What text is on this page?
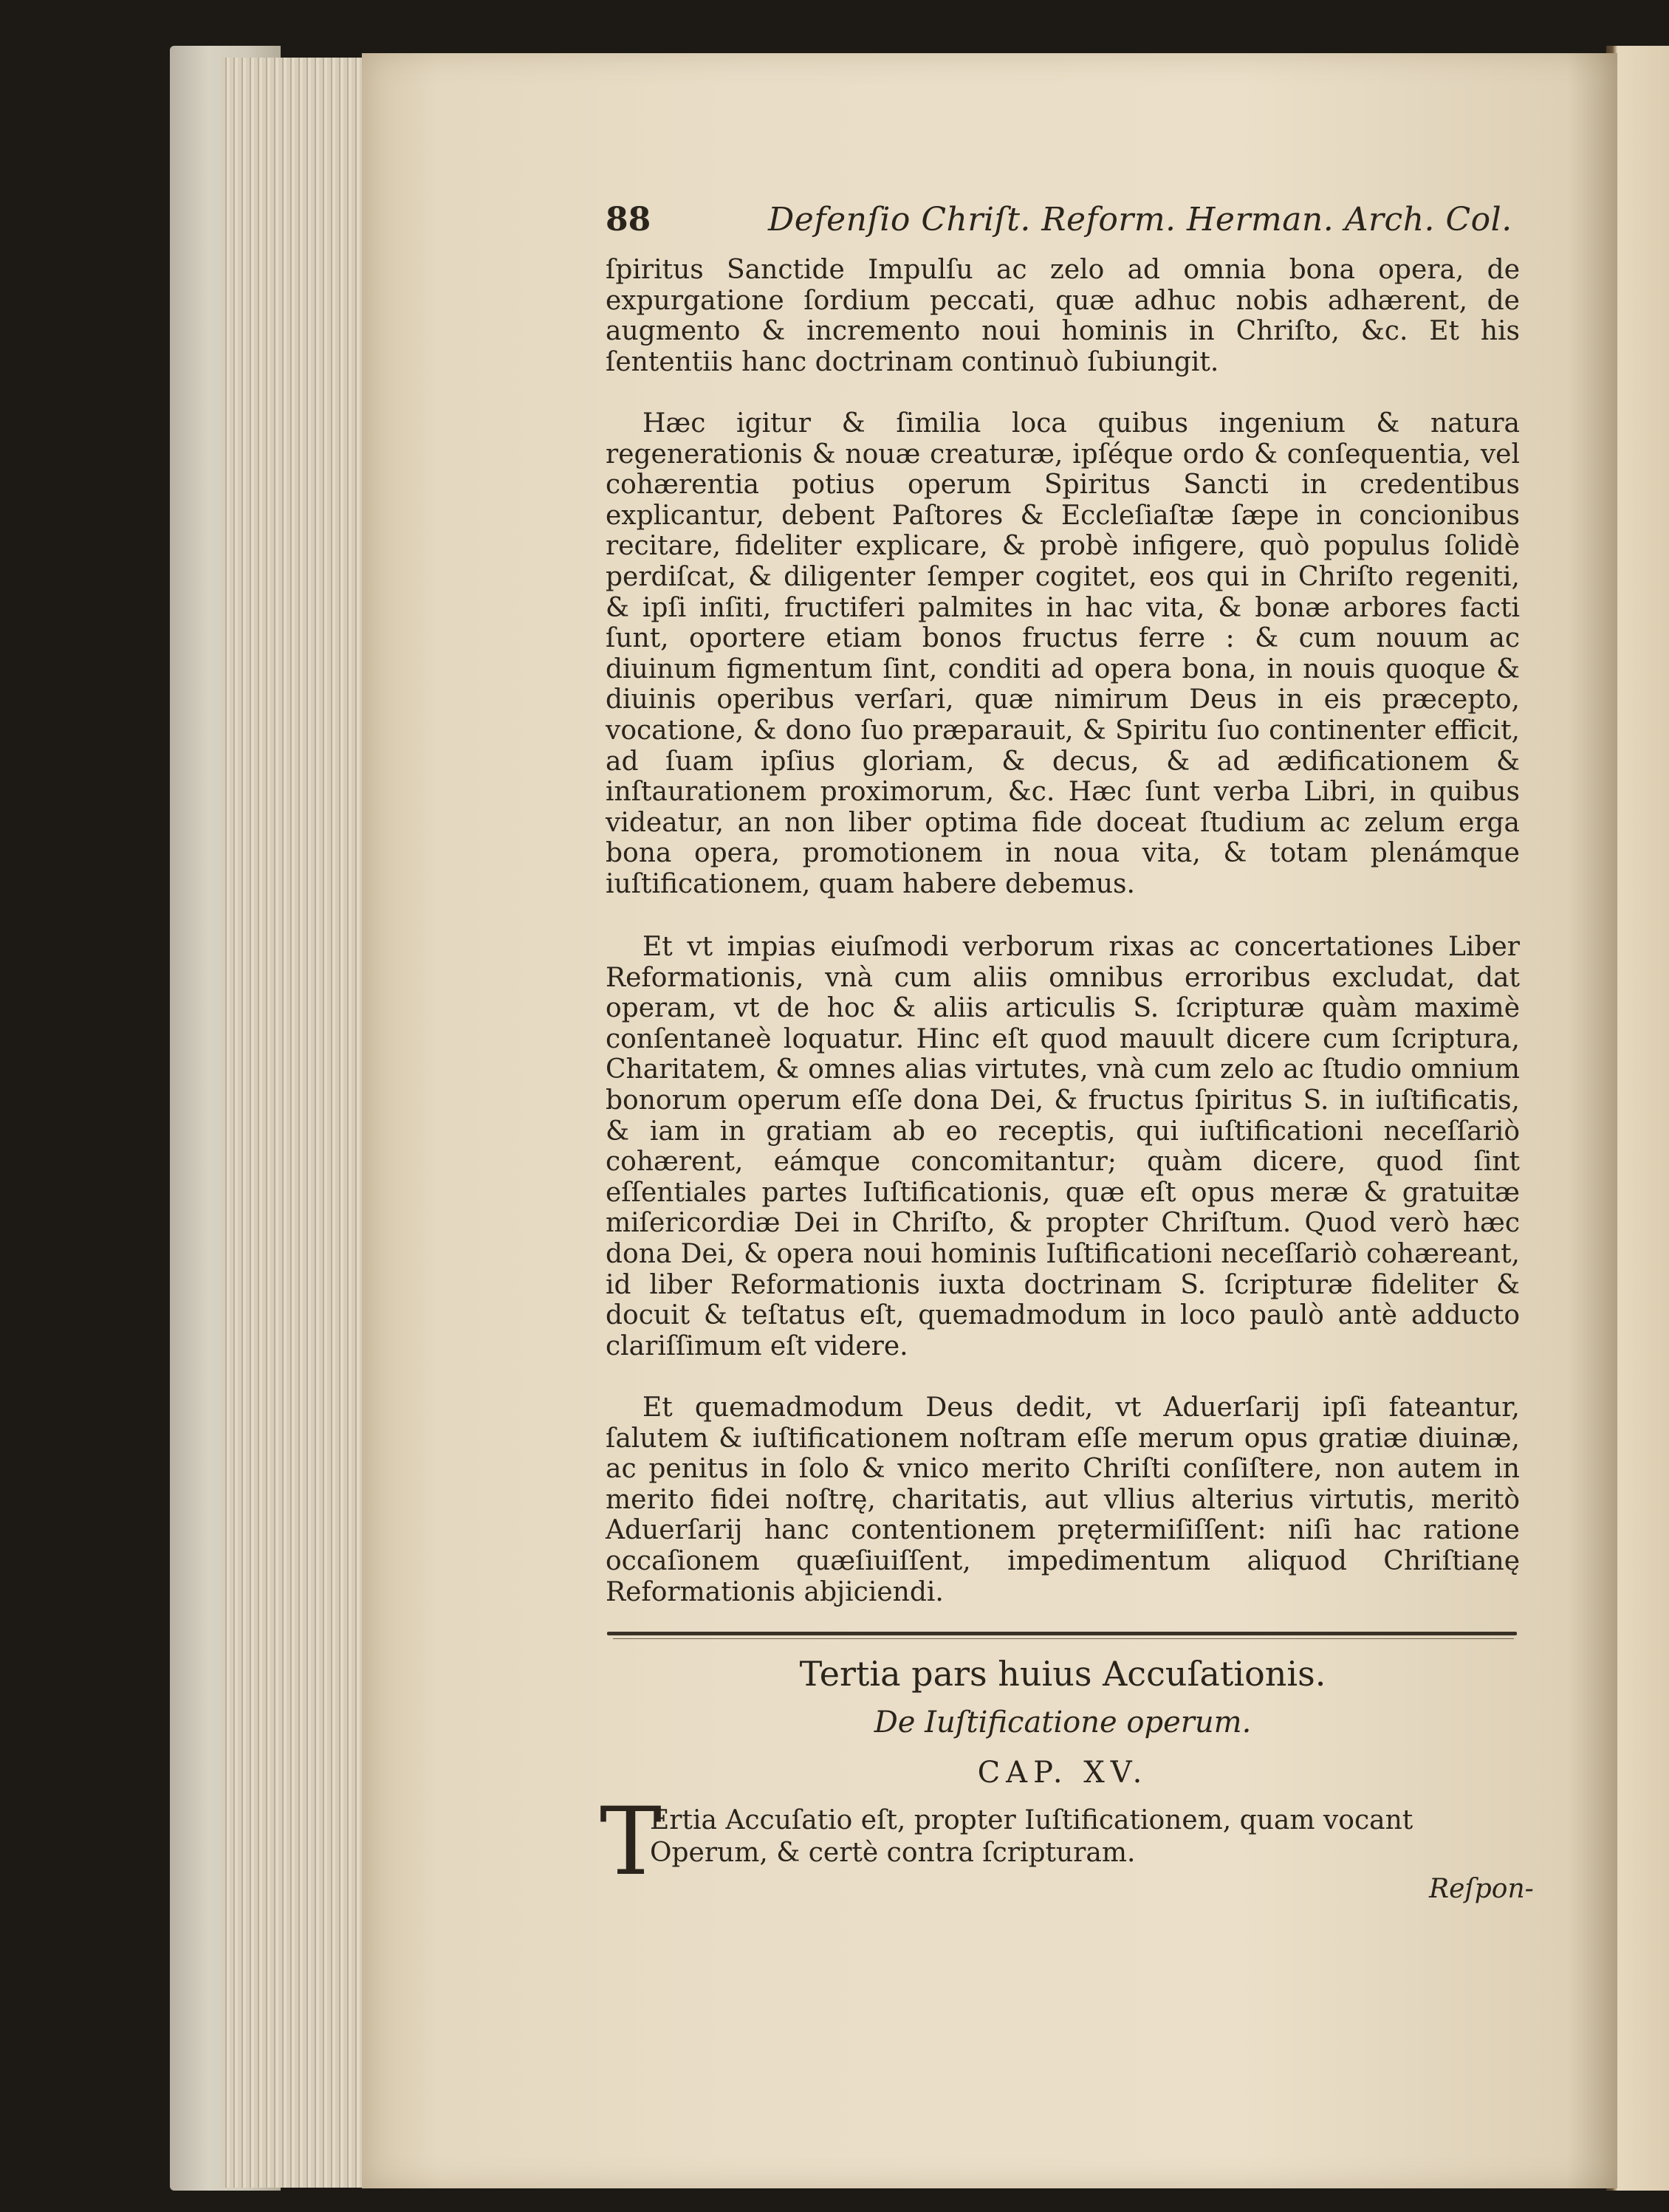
88	Defenſio Chriſt. Reform. Herman. Arch. Col.
ſpiritus Sanctide Impulſu ac zelo ad omnia bona opera, de expurgatione ſordium peccati, quæ adhuc nobis adhærent, de augmento & incremento noui hominis in Chriſto, &c. Et his ſententiis hanc doctrinam continuò ſubiungit.
Hæc igitur & ſimilia loca quibus ingenium & natura regenerationis & nouæ creaturæ, ipſéque ordo & conſequentia, vel cohærentia potius operum Spiritus Sancti in credentibus explicantur, debent Paſtores & Eccleſiaſtæ ſæpe in concionibus recitare, fideliter explicare, & probè infigere, quò populus ſolidè perdiſcat, & diligenter ſemper cogitet, eos qui in Chriſto regeniti, & ipſi inſiti, fructiferi palmites in hac vita, & bonæ arbores facti ſunt, oportere etiam bonos fructus ferre : & cum nouum ac diuinum figmentum ſint, conditi ad opera bona, in nouis quoque & diuinis operibus verſari, quæ nimirum Deus in eis præcepto, vocatione, & dono ſuo præparauit, & Spiritu ſuo continenter efficit, ad ſuam ipſius gloriam, & decus, & ad ædificationem & inſtaurationem proximorum, &c. Hæc ſunt verba Libri, in quibus videatur, an non liber optima fide doceat ſtudium ac zelum erga bona opera, promotionem in noua vita, & totam plenámque iuſtificationem, quam habere debemus.
Et vt impias eiuſmodi verborum rixas ac concertationes Liber Reformationis, vnà cum aliis omnibus erroribus excludat, dat operam, vt de hoc & aliis articulis S. ſcripturæ quàm maximè conſentaneè loquatur. Hinc eſt quod mauult dicere cum ſcriptura, Charitatem, & omnes alias virtutes, vnà cum zelo ac ſtudio omnium bonorum operum eſſe dona Dei, & fructus ſpiritus S. in iuſtificatis, & iam in gratiam ab eo receptis, qui iuſtificationi neceſſariò cohærent, eámque concomitantur; quàm dicere, quod ſint eſſentiales partes Iuſtificationis, quæ eſt opus meræ & gratuitæ miſericordiæ Dei in Chriſto, & propter Chriſtum. Quod verò hæc dona Dei, & opera noui hominis Iuſtificationi neceſſariò cohæreant, id liber Reformationis iuxta doctrinam S. ſcripturæ fideliter & docuit & teſtatus eſt, quemadmodum in loco paulò antè adducto clariſſimum eſt videre.
Et quemadmodum Deus dedit, vt Aduerſarij ipſi fateantur, ſalutem & iuſtificationem noſtram eſſe merum opus gratiæ diuinæ, ac penitus in ſolo & vnico merito Chriſti conſiſtere, non autem in merito fidei noſtrę, charitatis, aut vllius alterius virtutis, meritò Aduerſarij hanc contentionem prętermiſiſſent: niſi hac ratione occaſionem quæſiuiſſent, impedimentum aliquod Chriſtianę Reformationis abjiciendi.
Tertia pars huius Accuſationis.
De Iuſtificatione operum.
CAP. XV.
T
Ertia Accuſatio eſt, propter Iuſtificationem, quam vocant Operum, & certè contra ſcripturam.
Reſpon-
